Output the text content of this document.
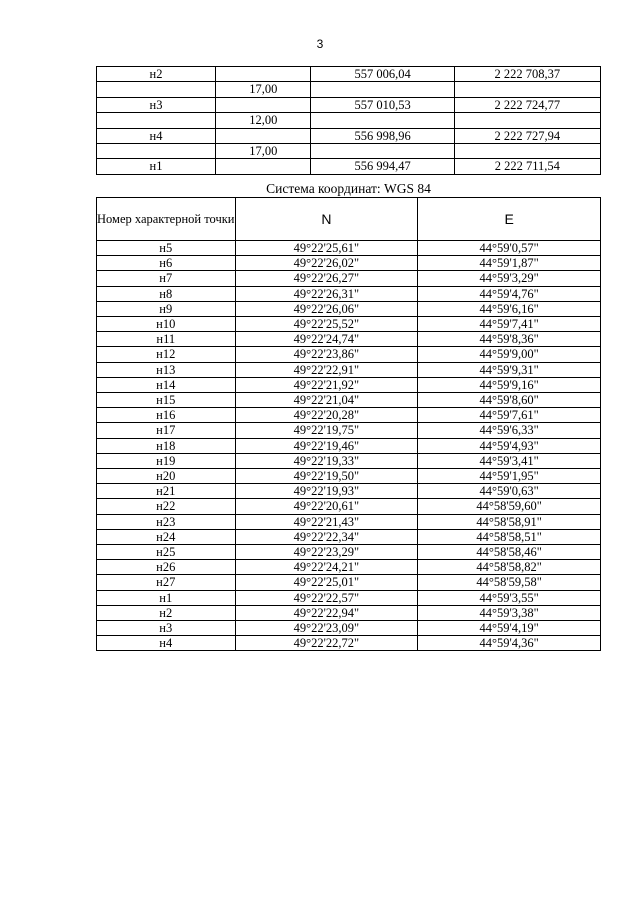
3
н2		557 006,04	2 222 708,37
	17,00		
н3		557 010,53	2 222 724,77
	12,00		
н4		556 998,96	2 222 727,94
	17,00		
н1		556 994,47	2 222 711,54
Система координат: WGS 84
Номер характерной точки	N	E
н5	49°22'25,61"	44°59'0,57"
н6	49°22'26,02"	44°59'1,87"
н7	49°22'26,27"	44°59'3,29"
н8	49°22'26,31"	44°59'4,76"
н9	49°22'26,06"	44°59'6,16"
н10	49°22'25,52"	44°59'7,41"
н11	49°22'24,74"	44°59'8,36"
н12	49°22'23,86"	44°59'9,00"
н13	49°22'22,91"	44°59'9,31"
н14	49°22'21,92"	44°59'9,16"
н15	49°22'21,04"	44°59'8,60"
н16	49°22'20,28"	44°59'7,61"
н17	49°22'19,75"	44°59'6,33"
н18	49°22'19,46"	44°59'4,93"
н19	49°22'19,33"	44°59'3,41"
н20	49°22'19,50"	44°59'1,95"
н21	49°22'19,93"	44°59'0,63"
н22	49°22'20,61"	44°58'59,60"
н23	49°22'21,43"	44°58'58,91"
н24	49°22'22,34"	44°58'58,51"
н25	49°22'23,29"	44°58'58,46"
н26	49°22'24,21"	44°58'58,82"
н27	49°22'25,01"	44°58'59,58"
н1	49°22'22,57"	44°59'3,55"
н2	49°22'22,94"	44°59'3,38"
н3	49°22'23,09"	44°59'4,19"
н4	49°22'22,72"	44°59'4,36"
